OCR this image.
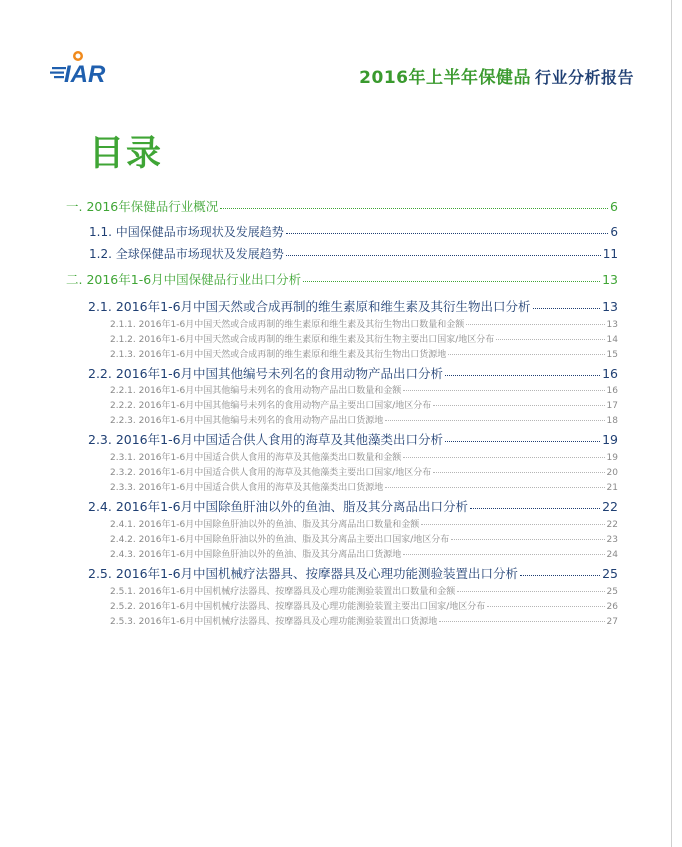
IAR	2016年上半年保健品 行业分析报告
目录
一. 2016年保健品行业概况	6
1.1. 中国保健品市场现状及发展趋势	6
1.2. 全球保健品市场现状及发展趋势	11
二. 2016年1-6月中国保健品行业出口分析	13
2.1. 2016年1-6月中国天然或合成再制的维生素原和维生素及其衍生物出口分析	13
2.1.1. 2016年1-6月中国天然或合成再制的维生素原和维生素及其衍生物出口数量和金额	13
2.1.2. 2016年1-6月中国天然或合成再制的维生素原和维生素及其衍生物主要出口国家/地区分布	14
2.1.3. 2016年1-6月中国天然或合成再制的维生素原和维生素及其衍生物出口货源地	15
2.2. 2016年1-6月中国其他编号未列名的食用动物产品出口分析	16
2.2.1. 2016年1-6月中国其他编号未列名的食用动物产品出口数量和金额	16
2.2.2. 2016年1-6月中国其他编号未列名的食用动物产品主要出口国家/地区分布	17
2.2.3. 2016年1-6月中国其他编号未列名的食用动物产品出口货源地	18
2.3. 2016年1-6月中国适合供人食用的海草及其他藻类出口分析	19
2.3.1. 2016年1-6月中国适合供人食用的海草及其他藻类出口数量和金额	19
2.3.2. 2016年1-6月中国适合供人食用的海草及其他藻类主要出口国家/地区分布	20
2.3.3. 2016年1-6月中国适合供人食用的海草及其他藻类出口货源地	21
2.4. 2016年1-6月中国除鱼肝油以外的鱼油、脂及其分离品出口分析	22
2.4.1. 2016年1-6月中国除鱼肝油以外的鱼油、脂及其分离品出口数量和金额	22
2.4.2. 2016年1-6月中国除鱼肝油以外的鱼油、脂及其分离品主要出口国家/地区分布	23
2.4.3. 2016年1-6月中国除鱼肝油以外的鱼油、脂及其分离品出口货源地	24
2.5. 2016年1-6月中国机械疗法器具、按摩器具及心理功能测验装置出口分析	25
2.5.1. 2016年1-6月中国机械疗法器具、按摩器具及心理功能测验装置出口数量和金额	25
2.5.2. 2016年1-6月中国机械疗法器具、按摩器具及心理功能测验装置主要出口国家/地区分布	26
2.5.3. 2016年1-6月中国机械疗法器具、按摩器具及心理功能测验装置出口货源地	27
